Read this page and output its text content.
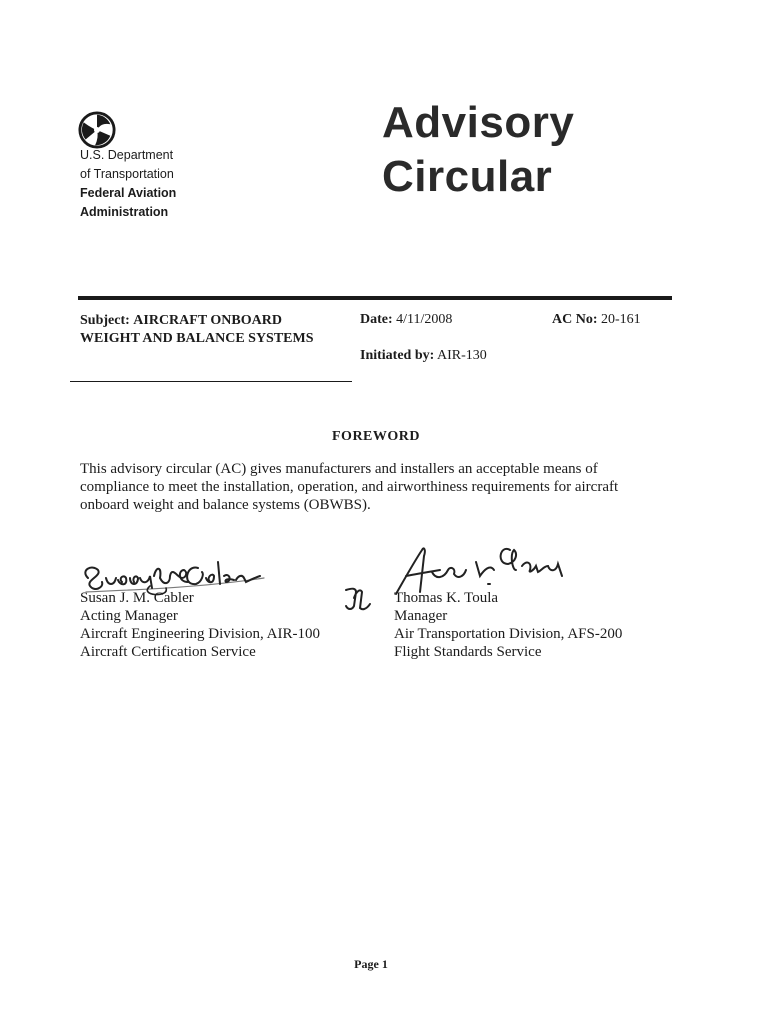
U.S. Department
of Transportation
Federal Aviation
Administration
Advisory
Circular
Subject: AIRCRAFT ONBOARD
WEIGHT AND BALANCE SYSTEMS
Date: 4/11/2008	AC No: 20-161
Initiated by: AIR-130
FOREWORD
This advisory circular (AC) gives manufacturers and installers an acceptable means of compliance to meet the installation, operation, and airworthiness requirements for aircraft onboard weight and balance systems (OBWBS).
Susan J. M. Cabler
Acting Manager
Aircraft Engineering Division, AIR-100
Aircraft Certification Service
Thomas K. Toula
Manager
Air Transportation Division, AFS-200
Flight Standards Service
Page 1
